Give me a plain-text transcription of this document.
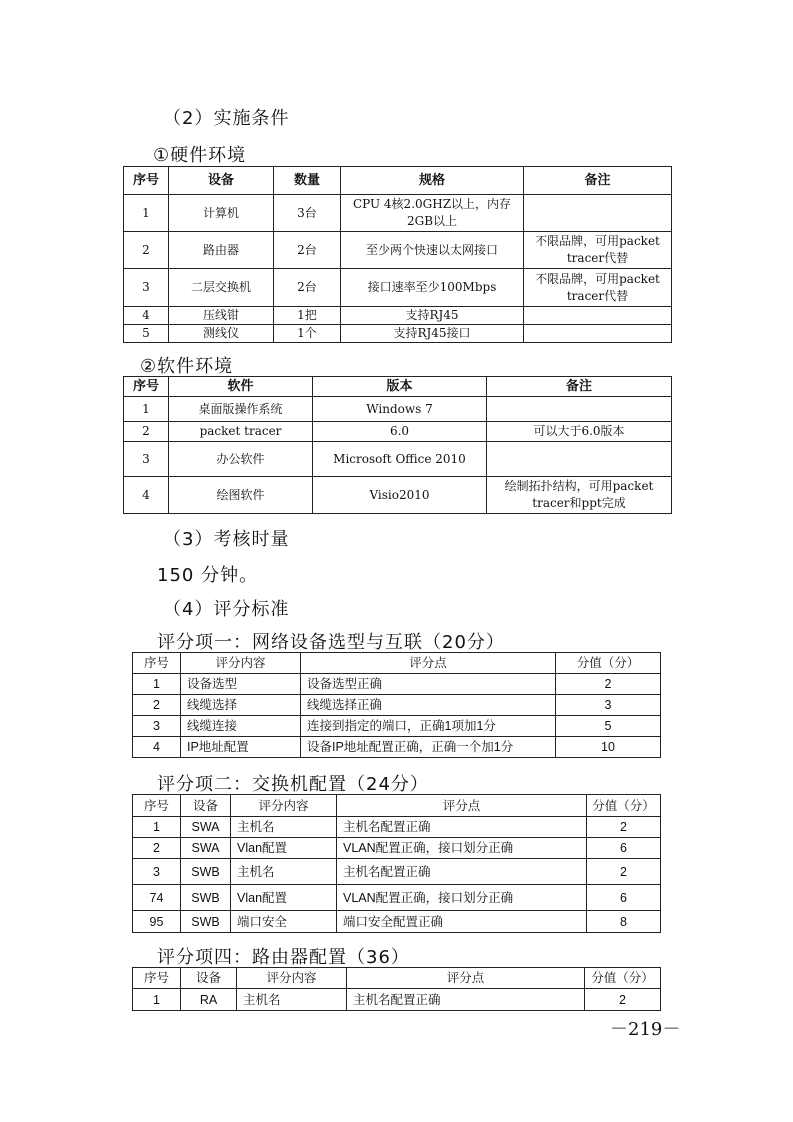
（2）实施条件
①硬件环境
序号	设备	数量	规格	备注
1	计算机	3台	CPU 4核2.0GHZ以上，内存2GB以上	
2	路由器	2台	至少两个快速以太网接口	不限品牌，可用packet tracer代替
3	二层交换机	2台	接口速率至少100Mbps	不限品牌，可用packet tracer代替
4	压线钳	1把	支持RJ45	
5	测线仪	1个	支持RJ45接口	
②软件环境
序号	软件	版本	备注
1	桌面版操作系统	Windows 7	
2	packet tracer	6.0	可以大于6.0版本
3	办公软件	Microsoft Office 2010	
4	绘图软件	Visio2010	绘制拓扑结构，可用packet tracer和ppt完成
（3）考核时量
150 分钟。
（4）评分标准
评分项一：网络设备选型与互联（20分）
序号	评分内容	评分点	分值（分）
1	设备选型	设备选型正确	2
2	线缆选择	线缆选择正确	3
3	线缆连接	连接到指定的端口，正确1项加1分	5
4	IP地址配置	设备IP地址配置正确，正确一个加1分	10
评分项二：交换机配置（24分）
序号	设备	评分内容	评分点	分值（分）
1	SWA	主机名	主机名配置正确	2
2	SWA	Vlan配置	VLAN配置正确，接口划分正确	6
3	SWB	主机名	主机名配置正确	2
74	SWB	Vlan配置	VLAN配置正确，接口划分正确	6
95	SWB	端口安全	端口安全配置正确	8
评分项四：路由器配置（36）
序号	设备	评分内容	评分点	分值（分）
1	RA	主机名	主机名配置正确	2
－219－
